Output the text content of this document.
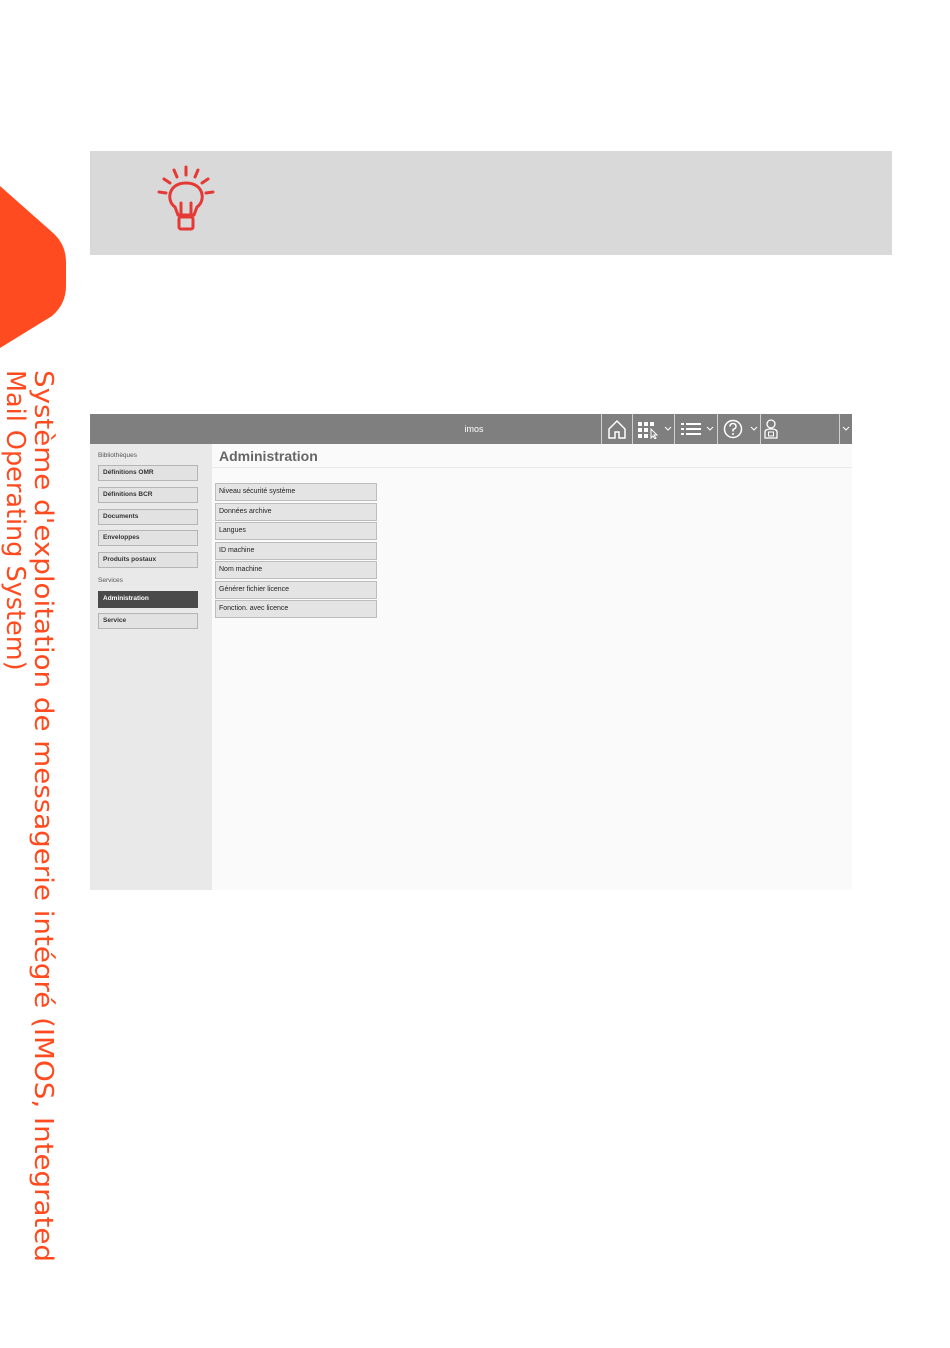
Système d'exploitation de messagerie intégré (IMOS, Integrated
Mail Operating System)	imos
Bibliothèques
Définitions OMR
Définitions BCR
Documents
Enveloppes
Produits postaux
Services
Administration
Service
Administration
Niveau sécurité système
Données archive
Langues
ID machine
Nom machine
Générer fichier licence
Fonction. avec licence
